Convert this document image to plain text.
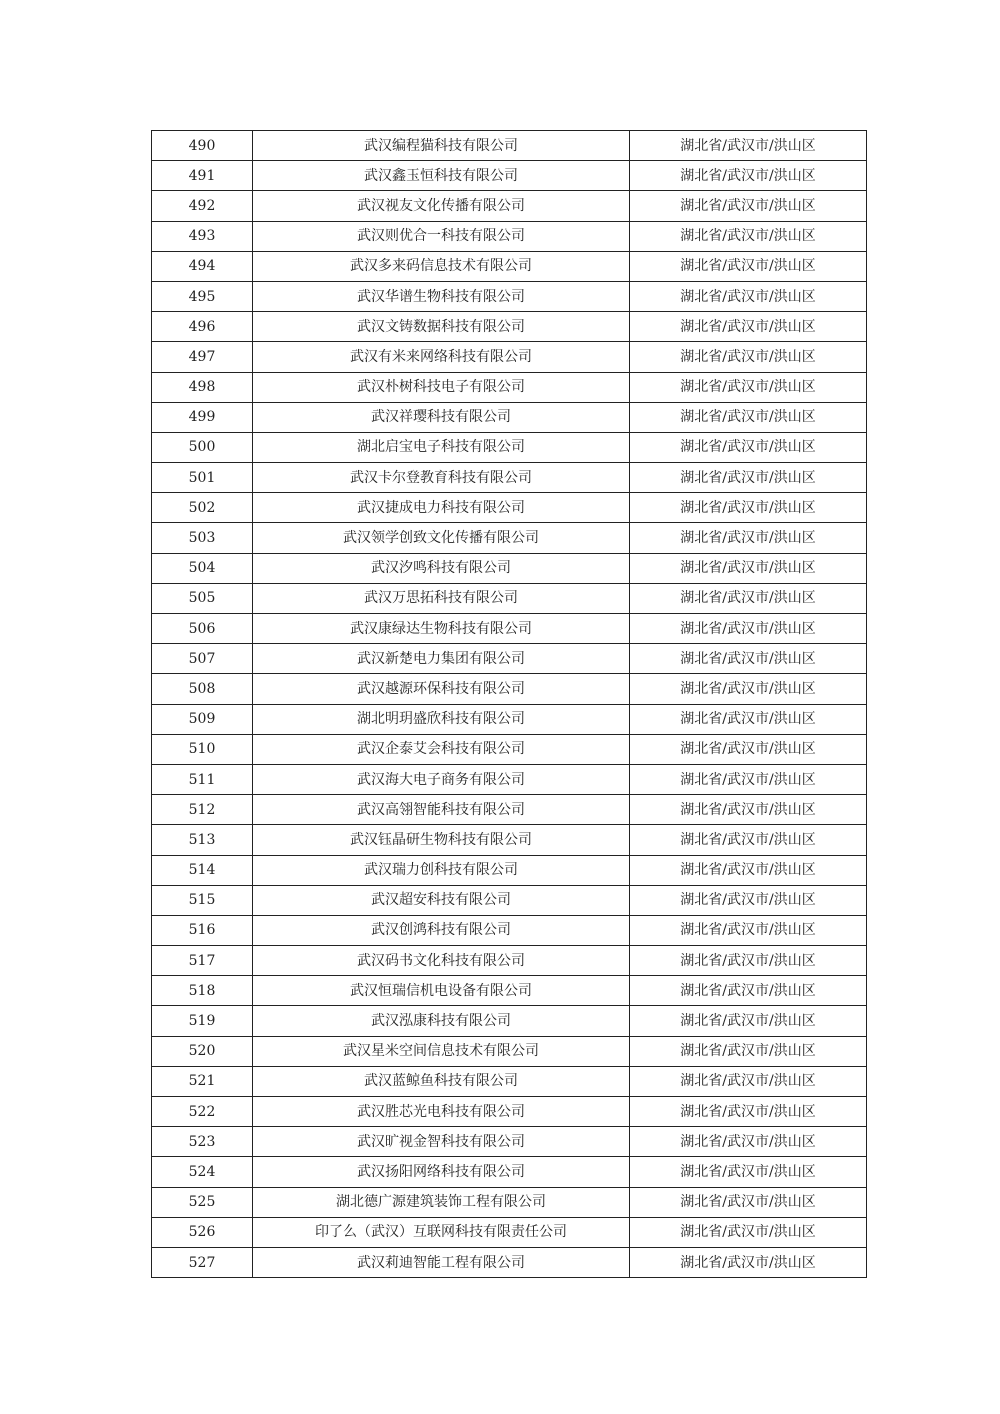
490	武汉编程猫科技有限公司	湖北省/武汉市/洪山区
491	武汉鑫玉恒科技有限公司	湖北省/武汉市/洪山区
492	武汉视友文化传播有限公司	湖北省/武汉市/洪山区
493	武汉则优合一科技有限公司	湖北省/武汉市/洪山区
494	武汉多来码信息技术有限公司	湖北省/武汉市/洪山区
495	武汉华谱生物科技有限公司	湖北省/武汉市/洪山区
496	武汉文铸数据科技有限公司	湖北省/武汉市/洪山区
497	武汉有米来网络科技有限公司	湖北省/武汉市/洪山区
498	武汉朴树科技电子有限公司	湖北省/武汉市/洪山区
499	武汉祥璎科技有限公司	湖北省/武汉市/洪山区
500	湖北启宝电子科技有限公司	湖北省/武汉市/洪山区
501	武汉卡尔登教育科技有限公司	湖北省/武汉市/洪山区
502	武汉捷成电力科技有限公司	湖北省/武汉市/洪山区
503	武汉领学创致文化传播有限公司	湖北省/武汉市/洪山区
504	武汉汐鸣科技有限公司	湖北省/武汉市/洪山区
505	武汉万思拓科技有限公司	湖北省/武汉市/洪山区
506	武汉康绿达生物科技有限公司	湖北省/武汉市/洪山区
507	武汉新楚电力集团有限公司	湖北省/武汉市/洪山区
508	武汉越源环保科技有限公司	湖北省/武汉市/洪山区
509	湖北明玥盛欣科技有限公司	湖北省/武汉市/洪山区
510	武汉企泰艾会科技有限公司	湖北省/武汉市/洪山区
511	武汉海大电子商务有限公司	湖北省/武汉市/洪山区
512	武汉高翎智能科技有限公司	湖北省/武汉市/洪山区
513	武汉钰晶研生物科技有限公司	湖北省/武汉市/洪山区
514	武汉瑞力创科技有限公司	湖北省/武汉市/洪山区
515	武汉超安科技有限公司	湖北省/武汉市/洪山区
516	武汉创鸿科技有限公司	湖北省/武汉市/洪山区
517	武汉码书文化科技有限公司	湖北省/武汉市/洪山区
518	武汉恒瑞信机电设备有限公司	湖北省/武汉市/洪山区
519	武汉泓康科技有限公司	湖北省/武汉市/洪山区
520	武汉星米空间信息技术有限公司	湖北省/武汉市/洪山区
521	武汉蓝鲸鱼科技有限公司	湖北省/武汉市/洪山区
522	武汉胜芯光电科技有限公司	湖北省/武汉市/洪山区
523	武汉旷视金智科技有限公司	湖北省/武汉市/洪山区
524	武汉扬阳网络科技有限公司	湖北省/武汉市/洪山区
525	湖北德广源建筑装饰工程有限公司	湖北省/武汉市/洪山区
526	印了么（武汉）互联网科技有限责任公司	湖北省/武汉市/洪山区
527	武汉莉迪智能工程有限公司	湖北省/武汉市/洪山区
